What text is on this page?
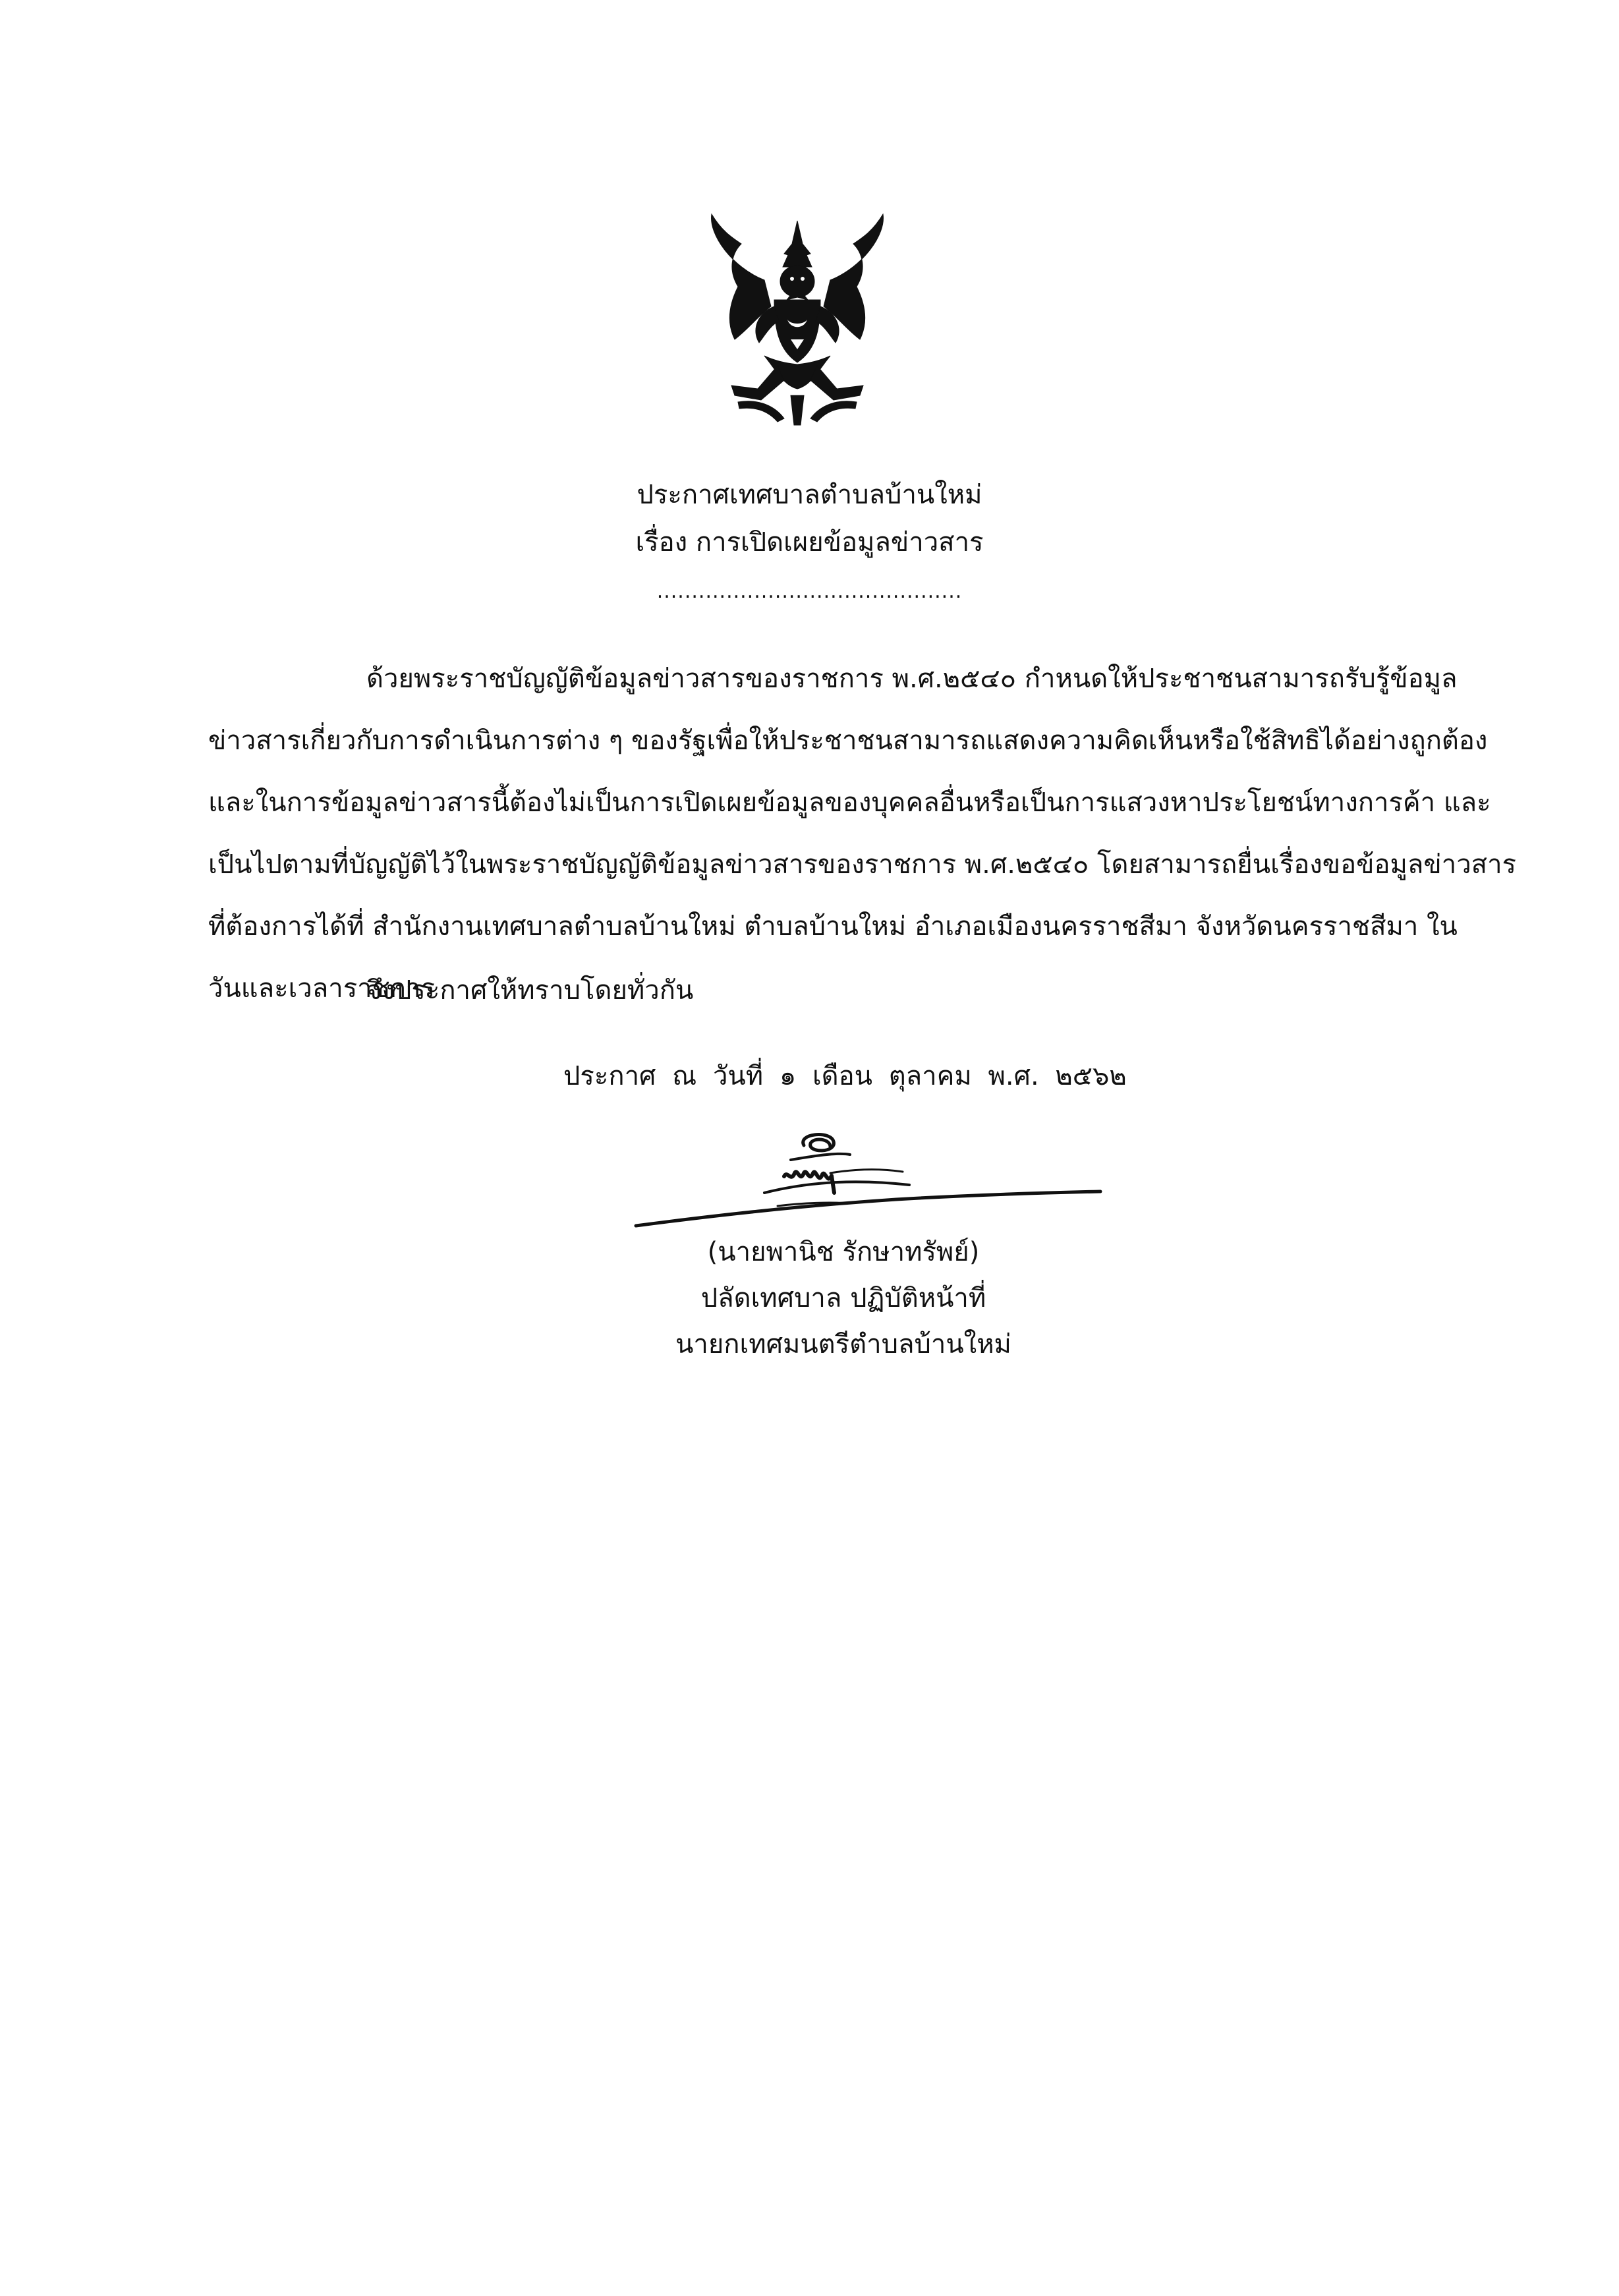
ประกาศเทศบาลตำบลบ้านใหม่
เรื่อง การเปิดเผยข้อมูลข่าวสาร
............................................

ด้วยพระราชบัญญัติข้อมูลข่าวสารของราชการ พ.ศ.๒๕๔๐ กำหนดให้ประชาชนสามารถรับรู้ข้อมูล

ข่าวสารเกี่ยวกับการดำเนินการต่าง ๆ ของรัฐเพื่อให้ประชาชนสามารถแสดงความคิดเห็นหรือใช้สิทธิได้อย่างถูกต้อง

และในการข้อมูลข่าวสารนี้ต้องไม่เป็นการเปิดเผยข้อมูลของบุคคลอื่นหรือเป็นการแสวงหาประโยชน์ทางการค้า และ

เป็นไปตามที่บัญญัติไว้ในพระราชบัญญัติข้อมูลข่าวสารของราชการ พ.ศ.๒๕๔๐ โดยสามารถยื่นเรื่องขอข้อมูลข่าวสาร

ที่ต้องการได้ที่ สำนักงานเทศบาลตำบลบ้านใหม่ ตำบลบ้านใหม่ อำเภอเมืองนครราชสีมา จังหวัดนครราชสีมา ใน

วันและเวลาราชการ

จึงประกาศให้ทราบโดยทั่วกัน
ประกาศ ณ วันที่ ๑ เดือน ตุลาคม พ.ศ. ๒๕๖๒
(นายพานิช รักษาทรัพย์)
ปลัดเทศบาล ปฏิบัติหน้าที่
นายกเทศมนตรีตำบลบ้านใหม่
